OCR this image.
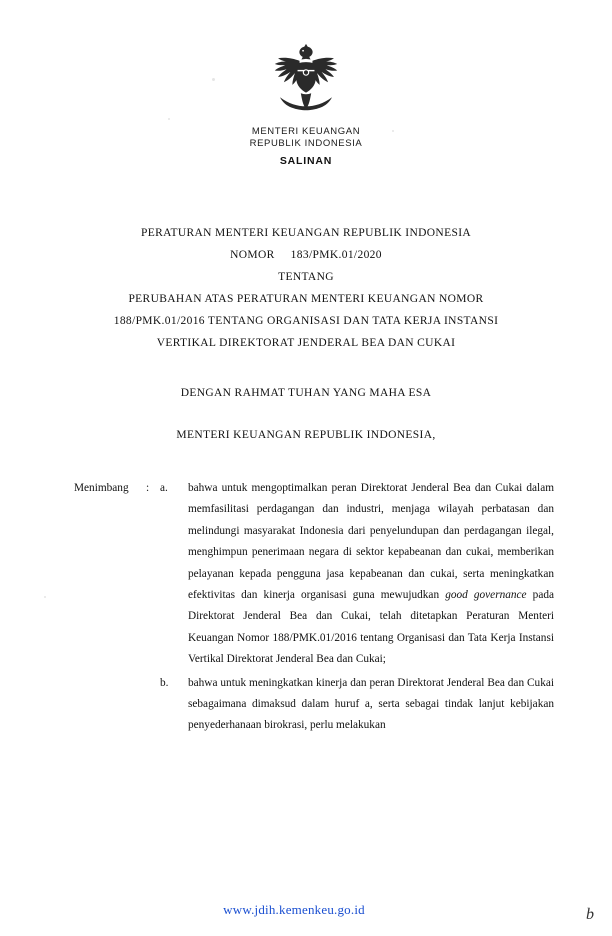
MENTERI KEUANGAN
REPUBLIK INDONESIA
SALINAN
PERATURAN MENTERI KEUANGAN REPUBLIK INDONESIA
NOMOR 183/PMK.01/2020
TENTANG
PERUBAHAN ATAS PERATURAN MENTERI KEUANGAN NOMOR
188/PMK.01/2016 TENTANG ORGANISASI DAN TATA KERJA INSTANSI
VERTIKAL DIREKTORAT JENDERAL BEA DAN CUKAI
DENGAN RAHMAT TUHAN YANG MAHA ESA
MENTERI KEUANGAN REPUBLIK INDONESIA,
Menimbang	: a.	bahwa untuk mengoptimalkan peran Direktorat Jenderal Bea dan Cukai dalam memfasilitasi perdagangan dan industri, menjaga wilayah perbatasan dan melindungi masyarakat Indonesia dari penyelundupan dan perdagangan ilegal, menghimpun penerimaan negara di sektor kepabeanan dan cukai, memberikan pelayanan kepada pengguna jasa kepabeanan dan cukai, serta meningkatkan efektivitas dan kinerja organisasi guna mewujudkan good governance pada Direktorat Jenderal Bea dan Cukai, telah ditetapkan Peraturan Menteri Keuangan Nomor 188/PMK.01/2016 tentang Organisasi dan Tata Kerja Instansi Vertikal Direktorat Jenderal Bea dan Cukai;
b.	bahwa untuk meningkatkan kinerja dan peran Direktorat Jenderal Bea dan Cukai sebagaimana dimaksud dalam huruf a, serta sebagai tindak lanjut kebijakan penyederhanaan birokrasi, perlu melakukan
www.jdih.kemenkeu.go.id	b
